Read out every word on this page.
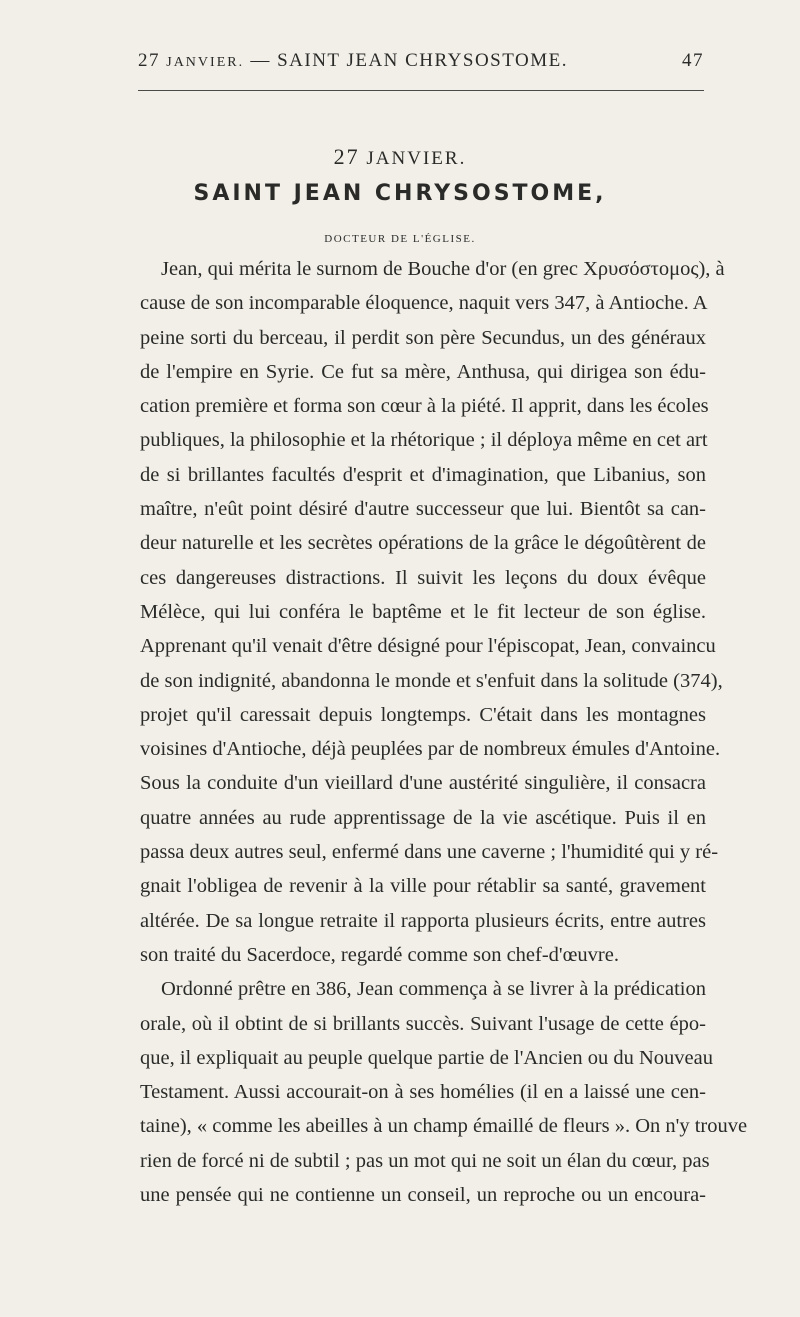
27 JANVIER. — SAINT JEAN CHRYSOSTOME.	47
27 JANVIER.
SAINT JEAN CHRYSOSTOME,
DOCTEUR DE L'ÉGLISE.
Jean, qui mérita le surnom de Bouche d'or (en grec Χρυσόστομος), à
cause de son incomparable éloquence, naquit vers 347, à Antioche. A
peine sorti du berceau, il perdit son père Secundus, un des généraux
de l'empire en Syrie. Ce fut sa mère, Anthusa, qui dirigea son édu-
cation première et forma son cœur à la piété. Il apprit, dans les écoles
publiques, la philosophie et la rhétorique ; il déploya même en cet art
de si brillantes facultés d'esprit et d'imagination, que Libanius, son
maître, n'eût point désiré d'autre successeur que lui. Bientôt sa can-
deur naturelle et les secrètes opérations de la grâce le dégoûtèrent de
ces dangereuses distractions. Il suivit les leçons du doux évêque
Mélèce, qui lui conféra le baptême et le fit lecteur de son église.
Apprenant qu'il venait d'être désigné pour l'épiscopat, Jean, convaincu
de son indignité, abandonna le monde et s'enfuit dans la solitude (374),
projet qu'il caressait depuis longtemps. C'était dans les montagnes
voisines d'Antioche, déjà peuplées par de nombreux émules d'Antoine.
Sous la conduite d'un vieillard d'une austérité singulière, il consacra
quatre années au rude apprentissage de la vie ascétique. Puis il en
passa deux autres seul, enfermé dans une caverne ; l'humidité qui y ré-
gnait l'obligea de revenir à la ville pour rétablir sa santé, gravement
altérée. De sa longue retraite il rapporta plusieurs écrits, entre autres
son traité du Sacerdoce, regardé comme son chef-d'œuvre.
Ordonné prêtre en 386, Jean commença à se livrer à la prédication
orale, où il obtint de si brillants succès. Suivant l'usage de cette épo-
que, il expliquait au peuple quelque partie de l'Ancien ou du Nouveau
Testament. Aussi accourait-on à ses homélies (il en a laissé une cen-
taine), « comme les abeilles à un champ émaillé de fleurs ». On n'y trouve
rien de forcé ni de subtil ; pas un mot qui ne soit un élan du cœur, pas
une pensée qui ne contienne un conseil, un reproche ou un encoura-
